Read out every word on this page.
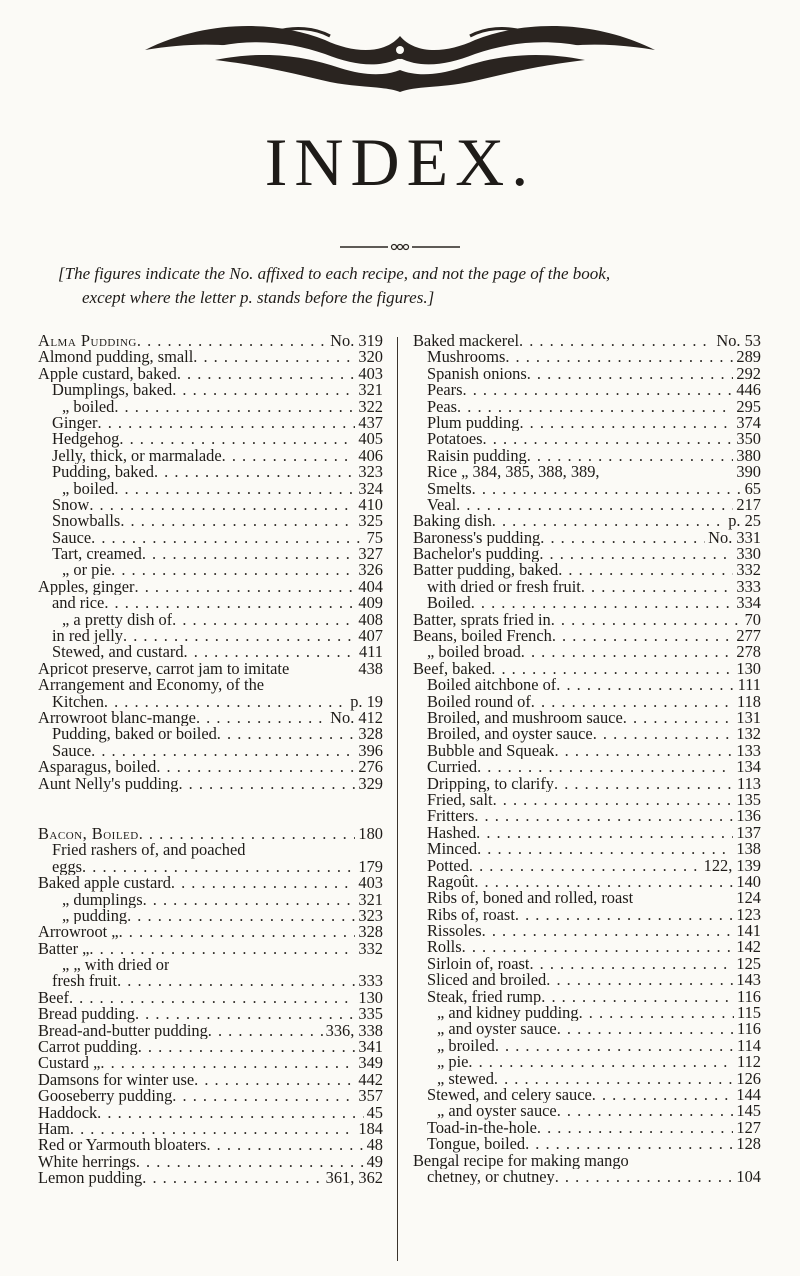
INDEX.
[The figures indicate the No. affixed to each recipe, and not the page of the book,
except where the letter p. stands before the figures.]
Alma Pudding . . .	No. 319
Almond pudding, small . . .	320
Apple custard, baked . . .	403
Dumplings, baked . . .	321
„ boiled . . .	322
Ginger . . .	437
Hedgehog . . .	405
Jelly, thick, or marmalade . . .	406
Pudding, baked . . .	323
„ boiled . . .	324
Snow . . .	410
Snowballs . . .	325
Sauce . . .	75
Tart, creamed . . .	327
„ or pie . . .	326
Apples, ginger . . .	404
and rice . . .	409
„ a pretty dish of . . .	408
in red jelly . . .	407
Stewed, and custard . . .	411
Apricot preserve, carrot jam to imitate	438
Arrangement and Economy, of the
Kitchen . . .	p. 19
Arrowroot blanc-mange . . .	No. 412
Pudding, baked or boiled . . .	328
Sauce . . .	396
Asparagus, boiled . . .	276
Aunt Nelly's pudding . . .	329
Bacon, Boiled . . .	180
Fried rashers of, and poached
eggs . . .	179
Baked apple custard . . .	403
„ dumplings . . .	321
„ pudding . . .	323
Arrowroot „ . . .	328
Batter „ . . .	332
„ „ with dried or
fresh fruit . . .	333
Beef . . .	130
Bread pudding . . .	335
Bread-and-butter pudding . . .	336, 338
Carrot pudding . . .	341
Custard „ . . .	349
Damsons for winter use . . .	442
Gooseberry pudding . . .	357
Haddock . . .	45
Ham . . .	184
Red or Yarmouth bloaters . . .	48
White herrings . . .	49
Lemon pudding . . .	361, 362
Baked mackerel . . .	No. 53
Mushrooms . . .	289
Spanish onions . . .	292
Pears . . .	446
Peas . . .	295
Plum pudding . . .	374
Potatoes . . .	350
Raisin pudding . . .	380
Rice „ 384, 385, 388, 389,	390
Smelts . . .	65
Veal . . .	217
Baking dish . . .	p. 25
Baroness's pudding . . .	No. 331
Bachelor's pudding . . .	330
Batter pudding, baked . . .	332
with dried or fresh fruit . . .	333
Boiled . . .	334
Batter, sprats fried in . . .	70
Beans, boiled French . . .	277
„ boiled broad . . .	278
Beef, baked . . .	130
Boiled aitchbone of . . .	111
Boiled round of . . .	118
Broiled, and mushroom sauce . . .	131
Broiled, and oyster sauce . . .	132
Bubble and Squeak . . .	133
Curried . . .	134
Dripping, to clarify . . .	113
Fried, salt . . .	135
Fritters . . .	136
Hashed . . .	137
Minced . . .	138
Potted . . .	122, 139
Ragoût . . .	140
Ribs of, boned and rolled, roast	124
Ribs of, roast . . .	123
Rissoles . . .	141
Rolls . . .	142
Sirloin of, roast . . .	125
Sliced and broiled . . .	143
Steak, fried rump . . .	116
„ and kidney pudding . . .	115
„ and oyster sauce . . .	116
„ broiled . . .	114
„ pie . . .	112
„ stewed . . .	126
Stewed, and celery sauce . . .	144
„ and oyster sauce . . .	145
Toad-in-the-hole . . .	127
Tongue, boiled . . .	128
Bengal recipe for making mango
chetney, or chutney . . .	104
